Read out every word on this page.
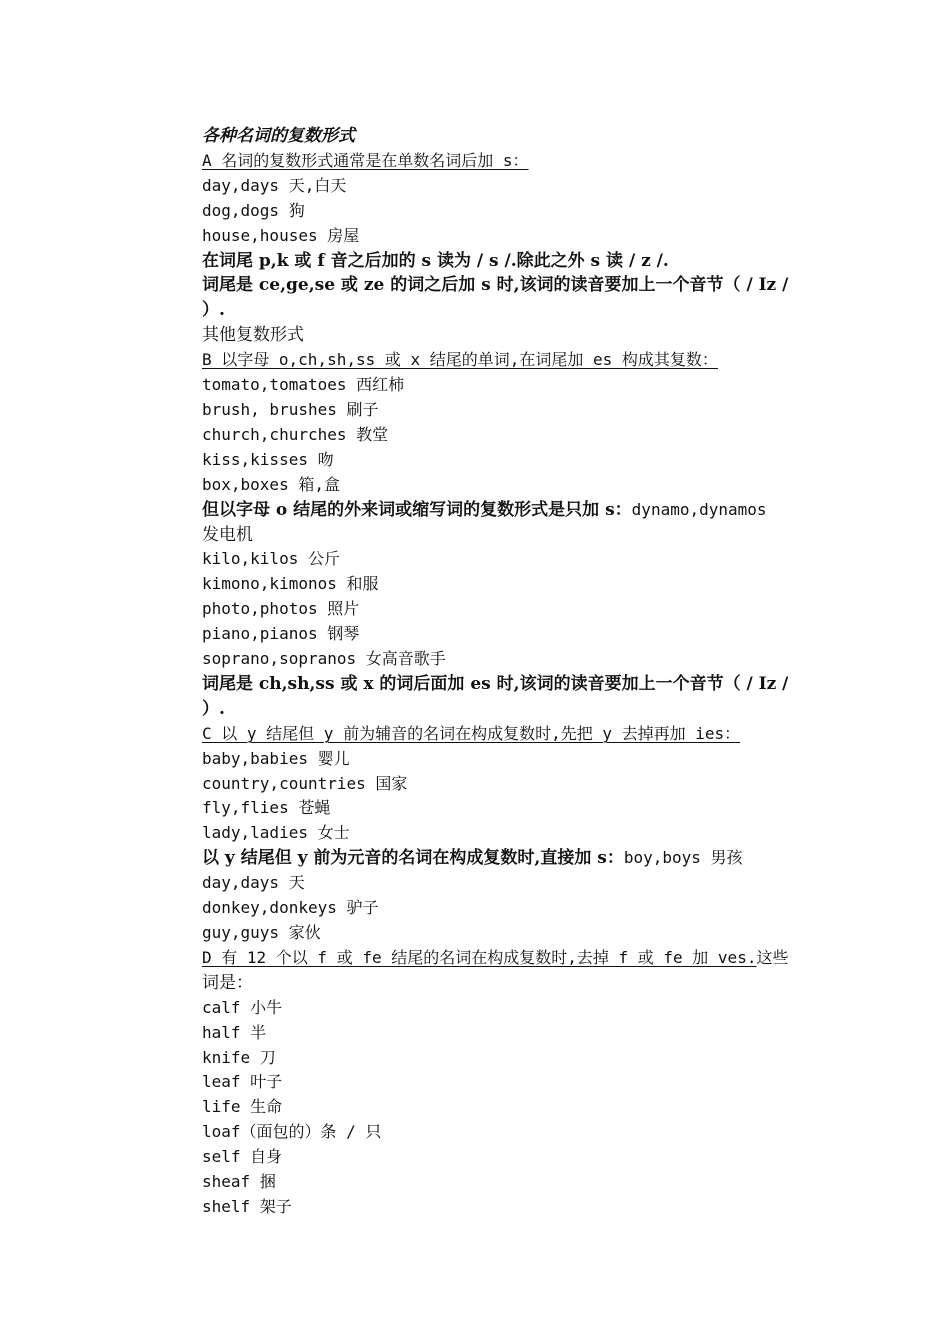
各种名词的复数形式

A 名词的复数形式通常是在单数名词后加 s：

day,days 天,白天

dog,dogs 狗

house,houses 房屋

在词尾 p,k 或 f 音之后加的 s 读为 / s /.除此之外 s 读 / z /.

词尾是 ce,ge,se 或 ze 的词之后加 s 时,该词的读音要加上一个音节（ / Iz / ）.

其他复数形式

B 以字母 o,ch,sh,ss 或 x 结尾的单词,在词尾加 es 构成其复数：

tomato,tomatoes 西红柿

brush, brushes 刷子

church,churches 教堂

kiss,kisses 吻

box,boxes 箱,盒

但以字母 o 结尾的外来词或缩写词的复数形式是只加 s：dynamo,dynamos

发电机

kilo,kilos 公斤

kimono,kimonos 和服

photo,photos 照片

piano,pianos 钢琴

soprano,sopranos 女高音歌手

词尾是 ch,sh,ss 或 x 的词后面加 es 时,该词的读音要加上一个音节（ / Iz / ）.

C 以 y 结尾但 y 前为辅音的名词在构成复数时,先把 y 去掉再加 ies：

baby,babies 婴儿

country,countries 国家

fly,flies 苍蝇

lady,ladies 女士

以 y 结尾但 y 前为元音的名词在构成复数时,直接加 s：boy,boys 男孩

day,days 天

donkey,donkeys 驴子

guy,guys 家伙

D 有 12 个以 f 或 fe 结尾的名词在构成复数时,去掉 f 或 fe 加 ves.这些

词是：

calf 小牛

half 半

knife 刀

leaf 叶子

life 生命

loaf（面包的）条 / 只

self 自身

sheaf 捆

shelf 架子
